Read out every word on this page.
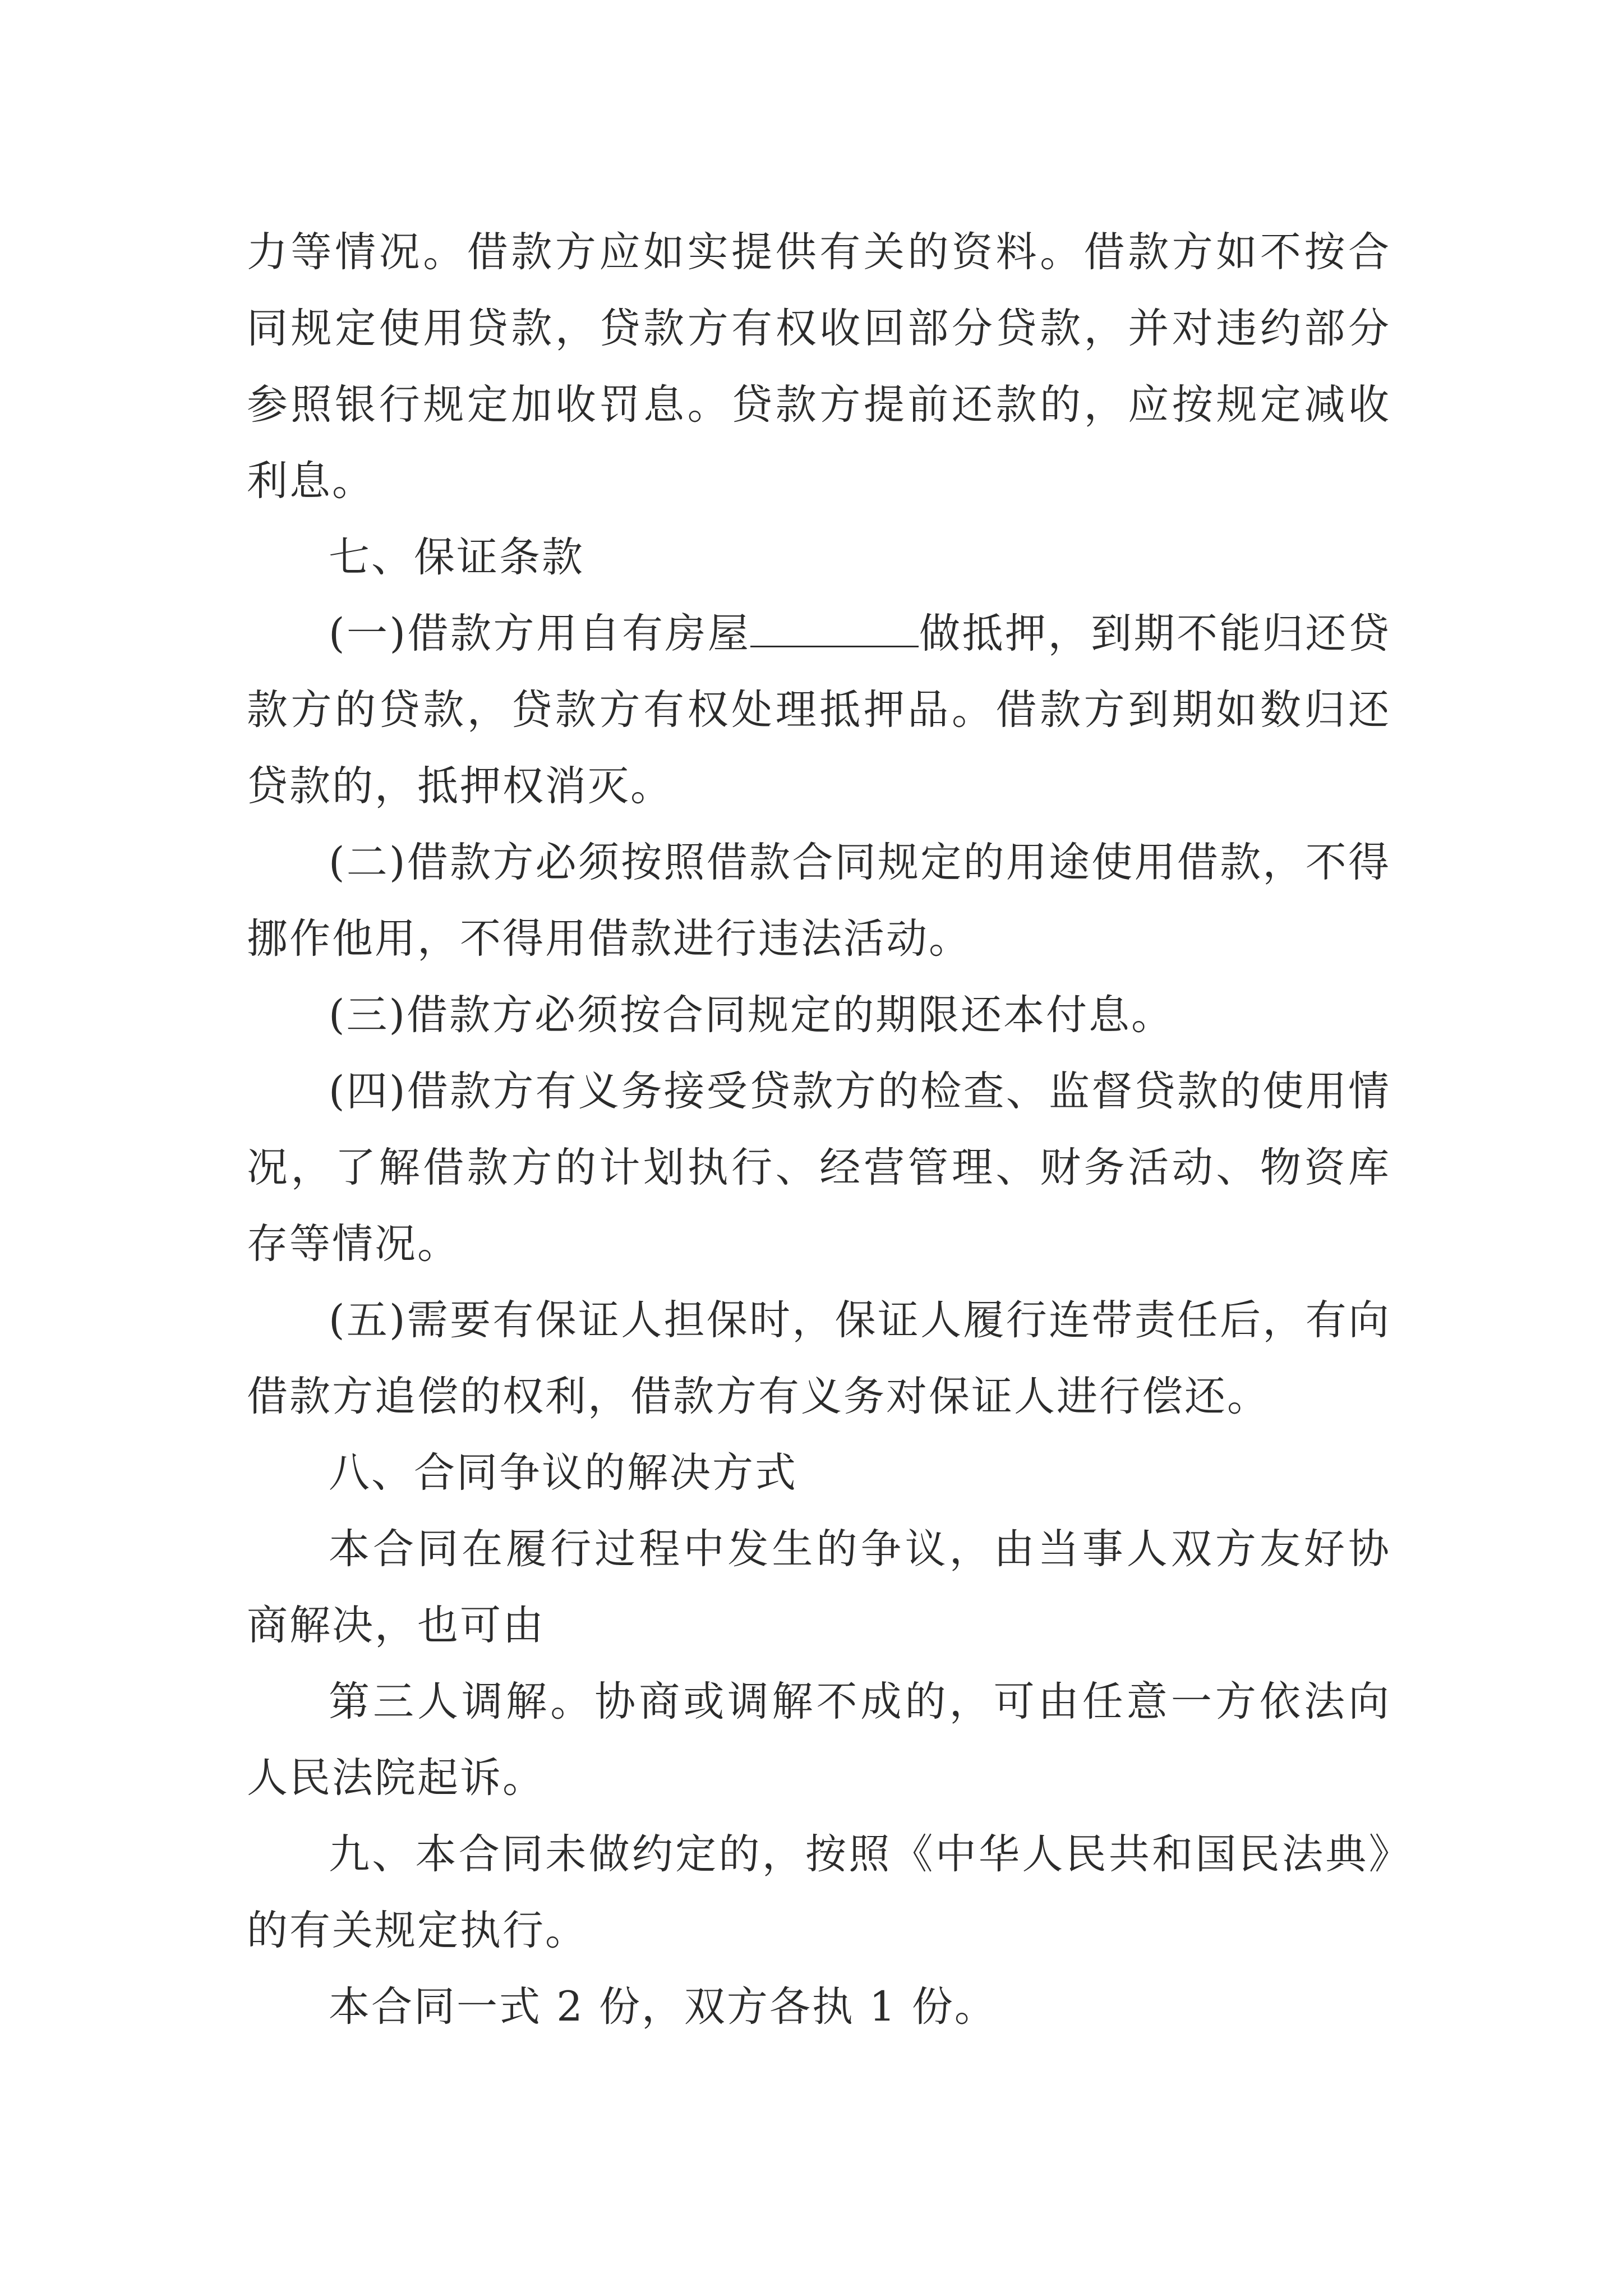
力等情况。借款方应如实提供有关的资料。借款方如不按合同规定使用贷款，贷款方有权收回部分贷款，并对违约部分参照银行规定加收罚息。贷款方提前还款的，应按规定减收利息。

七、保证条款

(一)借款方用自有房屋	做抵押，到期不能归还贷款方的贷款，贷款方有权处理抵押品。借款方到期如数归还贷款的，抵押权消灭。

(二)借款方必须按照借款合同规定的用途使用借款，不得挪作他用，不得用借款进行违法活动。

(三)借款方必须按合同规定的期限还本付息。

(四)借款方有义务接受贷款方的检查、监督贷款的使用情况，了解借款方的计划执行、经营管理、财务活动、物资库存等情况。

(五)需要有保证人担保时，保证人履行连带责任后，有向借款方追偿的权利，借款方有义务对保证人进行偿还。

八、合同争议的解决方式

本合同在履行过程中发生的争议，由当事人双方友好协商解决，也可由

第三人调解。协商或调解不成的，可由任意一方依法向人民法院起诉。

九、本合同未做约定的，按照《中华人民共和国民法典》的有关规定执行。

本合同一式 2 份，双方各执 1 份。
